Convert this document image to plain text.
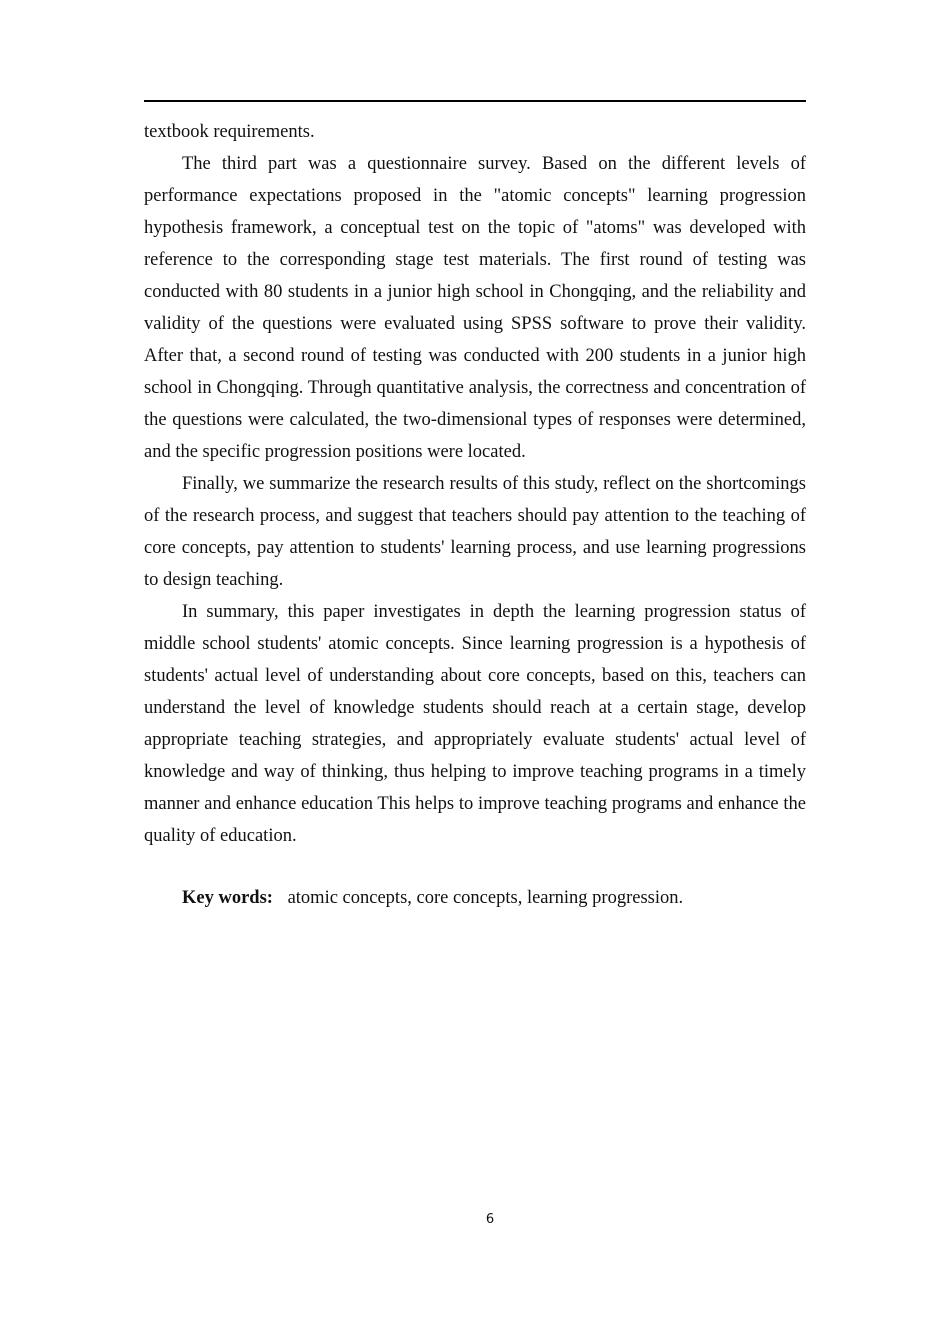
textbook requirements.

The third part was a questionnaire survey. Based on the different levels of performance expectations proposed in the "atomic concepts" learning progression hypothesis framework, a conceptual test on the topic of "atoms" was developed with reference to the corresponding stage test materials. The first round of testing was conducted with 80 students in a junior high school in Chongqing, and the reliability and validity of the questions were evaluated using SPSS software to prove their validity. After that, a second round of testing was conducted with 200 students in a junior high school in Chongqing. Through quantitative analysis, the correctness and concentration of the questions were calculated, the two-dimensional types of responses were determined, and the specific progression positions were located.

Finally, we summarize the research results of this study, reflect on the shortcomings of the research process, and suggest that teachers should pay attention to the teaching of core concepts, pay attention to students' learning process, and use learning progressions to design teaching.

In summary, this paper investigates in depth the learning progression status of middle school students' atomic concepts. Since learning progression is a hypothesis of students' actual level of understanding about core concepts, based on this, teachers can understand the level of knowledge students should reach at a certain stage, develop appropriate teaching strategies, and appropriately evaluate students' actual level of knowledge and way of thinking, thus helping to improve teaching programs in a timely manner and enhance education This helps to improve teaching programs and enhance the quality of education.

Key words: atomic concepts, core concepts, learning progression.
6
